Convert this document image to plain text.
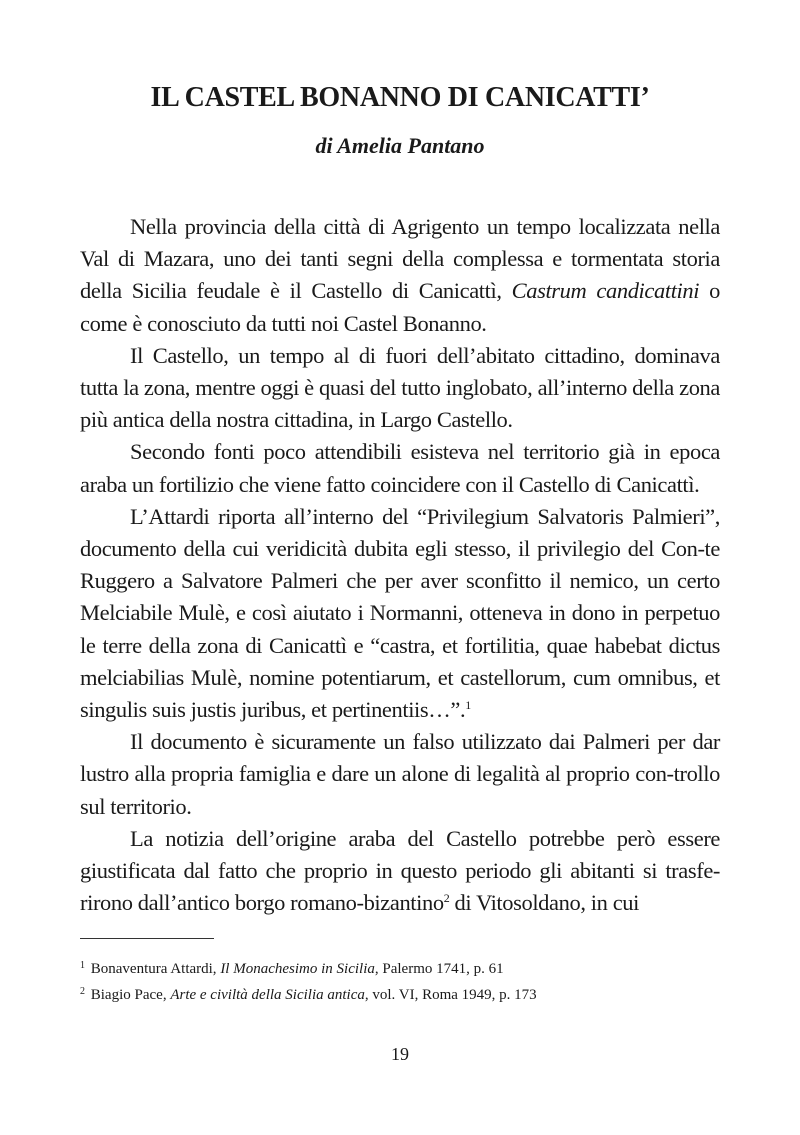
IL CASTEL BONANNO DI CANICATTI’
di Amelia Pantano

Nella provincia della città di Agrigento un tempo localizzata nella Val di Mazara, uno dei tanti segni della complessa e tormentata storia della Sicilia feudale è il Castello di Canicattì, Castrum candicattini o come è conosciuto da tutti noi Castel Bonanno.

Il Castello, un tempo al di fuori dell’abitato cittadino, dominava tutta la zona, mentre oggi è quasi del tutto inglobato, all’interno della zona più antica della nostra cittadina, in Largo Castello.

Secondo fonti poco attendibili esisteva nel territorio già in epoca araba un fortilizio che viene fatto coincidere con il Castello di Canicattì.

L’Attardi riporta all’interno del “Privilegium Salvatoris Palmieri”, documento della cui veridicità dubita egli stesso, il privilegio del Con-te Ruggero a Salvatore Palmeri che per aver sconfitto il nemico, un certo Melciabile Mulè, e così aiutato i Normanni, otteneva in dono in perpetuo le terre della zona di Canicattì e “castra, et fortilitia, quae habebat dictus melciabilias Mulè, nomine potentiarum, et castellorum, cum omnibus, et singulis suis justis juribus, et pertinentiis…”.$^1$

Il documento è sicuramente un falso utilizzato dai Palmeri per dar lustro alla propria famiglia e dare un alone di legalità al proprio con-trollo sul territorio.

La notizia dell’origine araba del Castello potrebbe però essere giustificata dal fatto che proprio in questo periodo gli abitanti si trasfe-rirono dall’antico borgo romano-bizantino$^2$ di Vitosoldano, in cui

$^1$ Bonaventura Attardi, Il Monachesimo in Sicilia, Palermo 1741, p. 61
$^2$ Biagio Pace, Arte e civiltà della Sicilia antica, vol. VI, Roma 1949, p. 173
19
